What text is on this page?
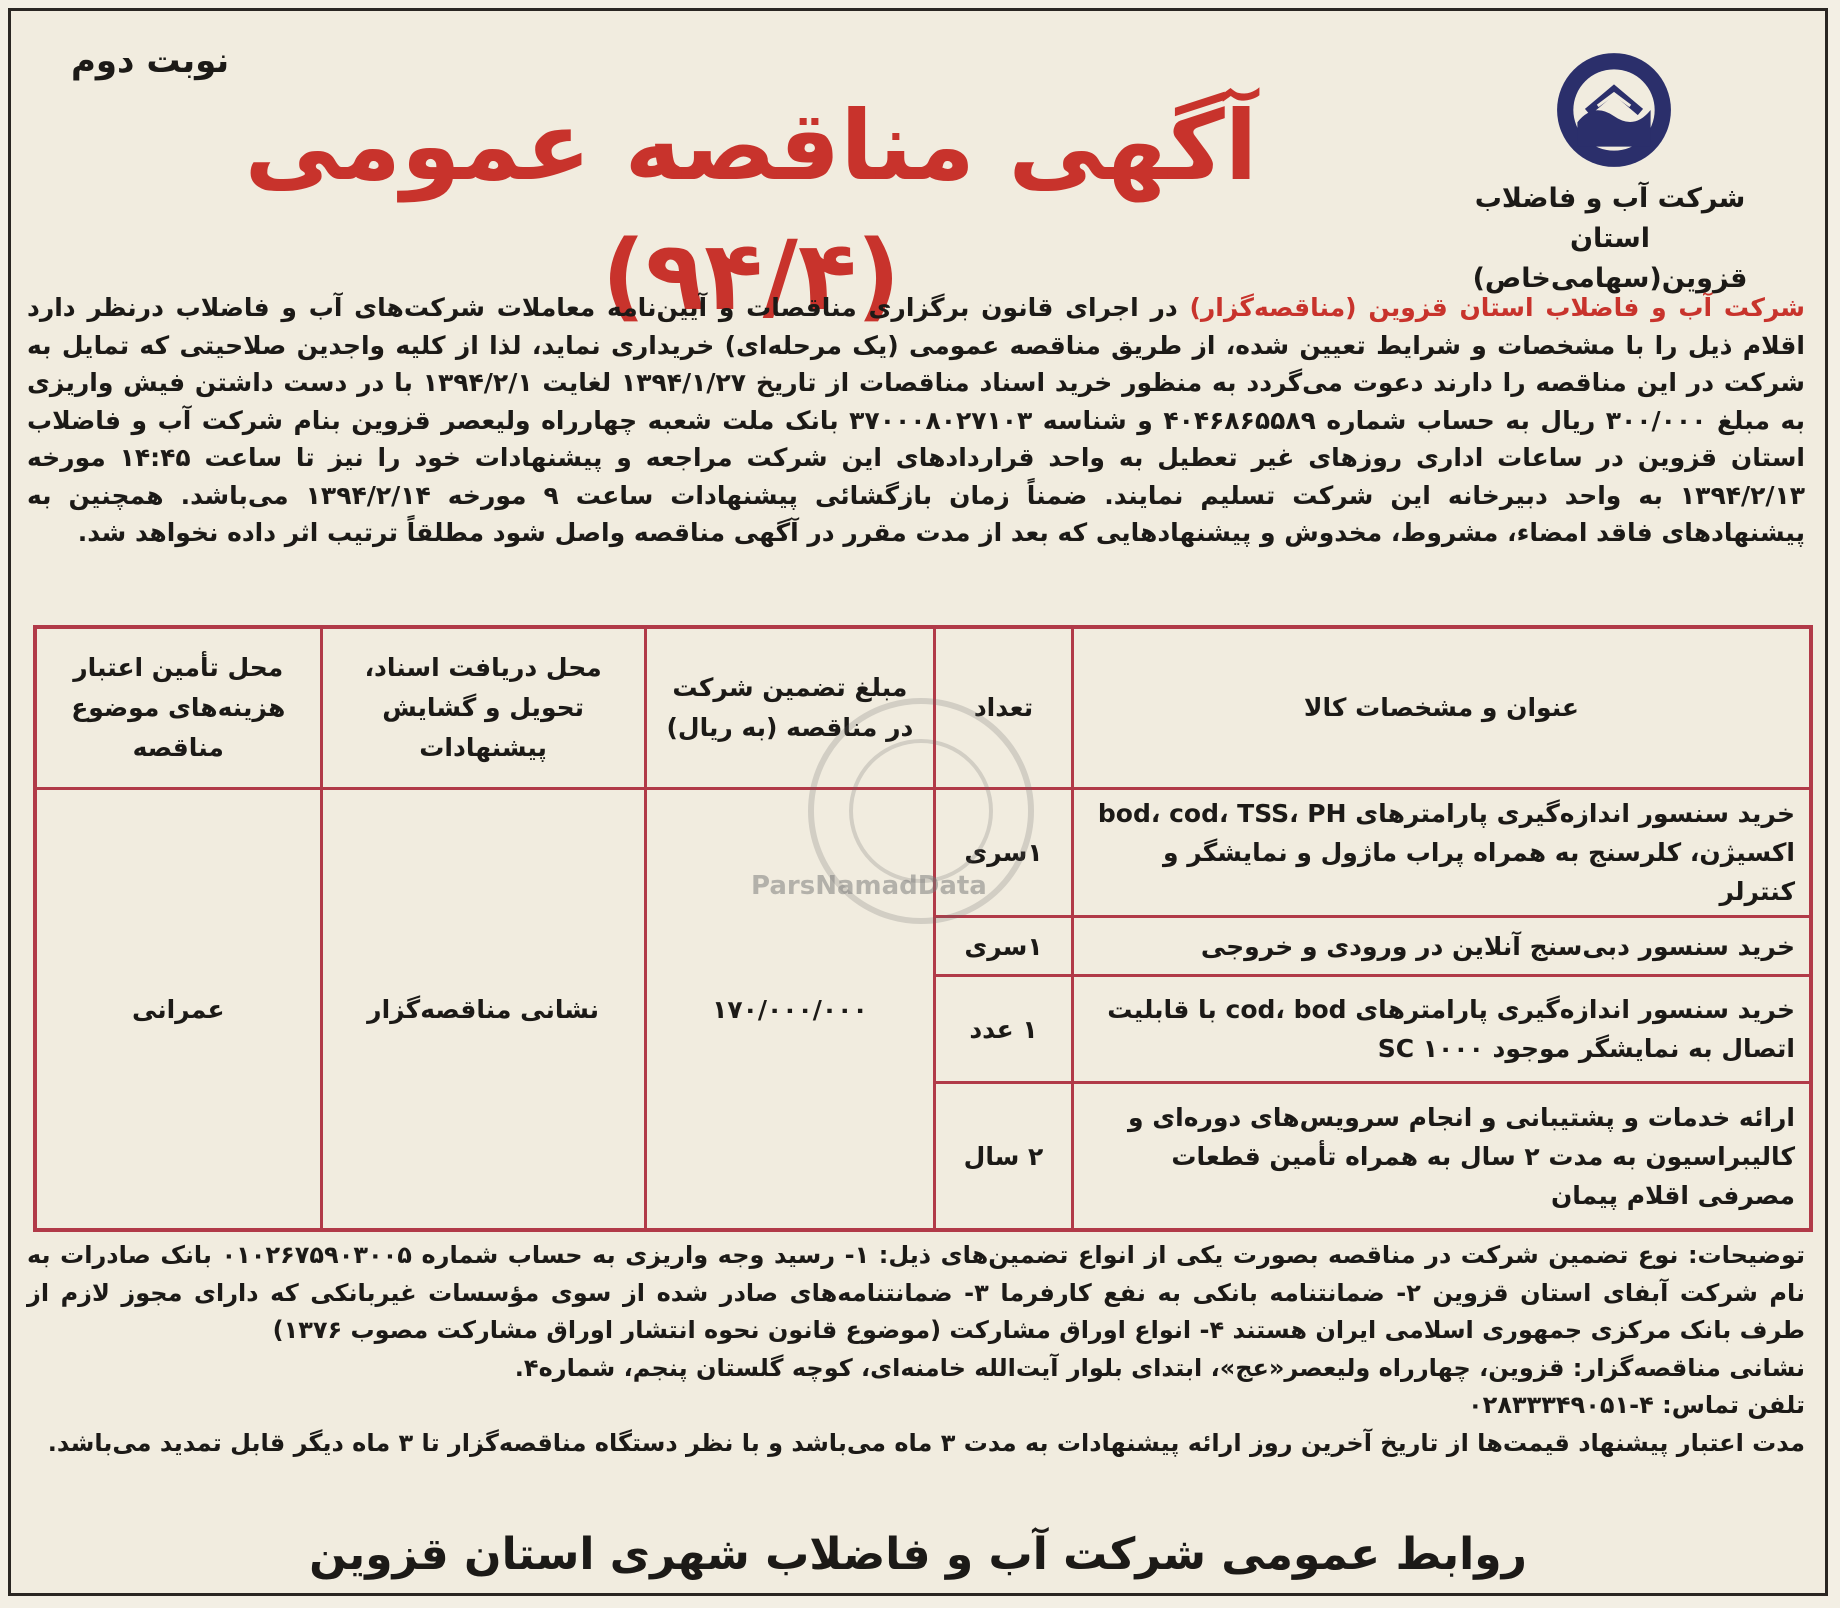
شرکت آب و فاضلاب
استان قزوین(سهامی‌خاص)
نوبت دوم
آگهی مناقصه عمومی (۹۴/۴)	شرکت آب و فاضلاب استان قزوین (مناقصه‌گزار) در اجرای قانون برگزاری مناقصات و آیین‌نامه معاملات شرکت‌های آب و فاضلاب درنظر دارد اقلام ذیل را با مشخصات و شرایط تعیین شده، از طریق مناقصه عمومی (یک مرحله‌ای) خریداری نماید، لذا از کلیه واجدین صلاحیتی که تمایل به شرکت در این مناقصه را دارند دعوت می‌گردد به منظور خرید اسناد مناقصات از تاریخ ۱۳۹۴/۱/۲۷ لغایت ۱۳۹۴/۲/۱ با در دست داشتن فیش واریزی به مبلغ ۳۰۰/۰۰۰ ریال به حساب شماره ۴۰۴۶۸۶۵۵۸۹ و شناسه ۳۷۰۰۰۸۰۲۷۱۰۳ بانک ملت شعبه چهارراه ولیعصر قزوین بنام شرکت آب و فاضلاب استان قزوین در ساعات اداری روزهای غیر تعطیل به واحد قراردادهای این شرکت مراجعه و پیشنهادات خود را نیز تا ساعت ۱۴:۴۵ مورخه ۱۳۹۴/۲/۱۳ به واحد دبیرخانه این شرکت تسلیم نمایند. ضمناً زمان بازگشائی پیشنهادات ساعت ۹ مورخه ۱۳۹۴/۲/۱۴ می‌باشد. همچنین به پیشنهادهای فاقد امضاء، مشروط، مخدوش و پیشنهادهایی که بعد از مدت مقرر در آگهی مناقصه واصل شود مطلقاً ترتیب اثر داده نخواهد شد.
عنوان و مشخصات کالا	تعداد	مبلغ تضمین شرکت در مناقصه (به ریال)	محل دریافت اسناد، تحویل و گشایش پیشنهادات	محل تأمین اعتبار هزینه‌های موضوع مناقصه
خرید سنسور اندازه‌گیری پارامترهای bod، cod، TSS، PH اکسیژن، کلرسنج به همراه پراب ماژول و نمایشگر و کنترلر	۱سری	۱۷۰/۰۰۰/۰۰۰	نشانی مناقصه‌گزار	عمرانی
خرید سنسور دبی‌سنج آنلاین در ورودی و خروجی	۱سری			
خرید سنسور اندازه‌گیری پارامترهای cod، bod با قابلیت اتصال به نمایشگر موجود SC ۱۰۰۰	۱ عدد			
ارائه خدمات و پشتیبانی و انجام سرویس‌های دوره‌ای و کالیبراسیون به مدت ۲ سال به همراه تأمین قطعات مصرفی اقلام پیمان	۲ سال			
ParsNamadData

توضیحات: نوع تضمین شرکت در مناقصه بصورت یکی از انواع تضمین‌های ذیل: ۱- رسید وجه واریزی به حساب شماره ۰۱۰۲۶۷۵۹۰۳۰۰۵ بانک صادرات به نام شرکت آبفای استان قزوین ۲- ضمانتنامه بانکی به نفع کارفرما ۳- ضمانتنامه‌های صادر شده از سوی مؤسسات غیربانکی که دارای مجوز لازم از طرف بانک مرکزی جمهوری اسلامی ایران هستند ۴- انواع اوراق مشارکت (موضوع قانون نحوه انتشار اوراق مشارکت مصوب ۱۳۷۶)

نشانی مناقصه‌گزار: قزوین، چهارراه ولیعصر«عج»، ابتدای بلوار آیت‌الله خامنه‌ای، کوچه گلستان پنجم، شماره۴.

تلفن تماس: ۴-۰۲۸۳۳۳۴۹۰۵۱

مدت اعتبار پیشنهاد قیمت‌ها از تاریخ آخرین روز ارائه پیشنهادات به مدت ۳ ماه می‌باشد و با نظر دستگاه مناقصه‌گزار تا ۳ ماه دیگر قابل تمدید می‌باشد.

روابط عمومی شرکت آب و فاضلاب شهری استان قزوین
